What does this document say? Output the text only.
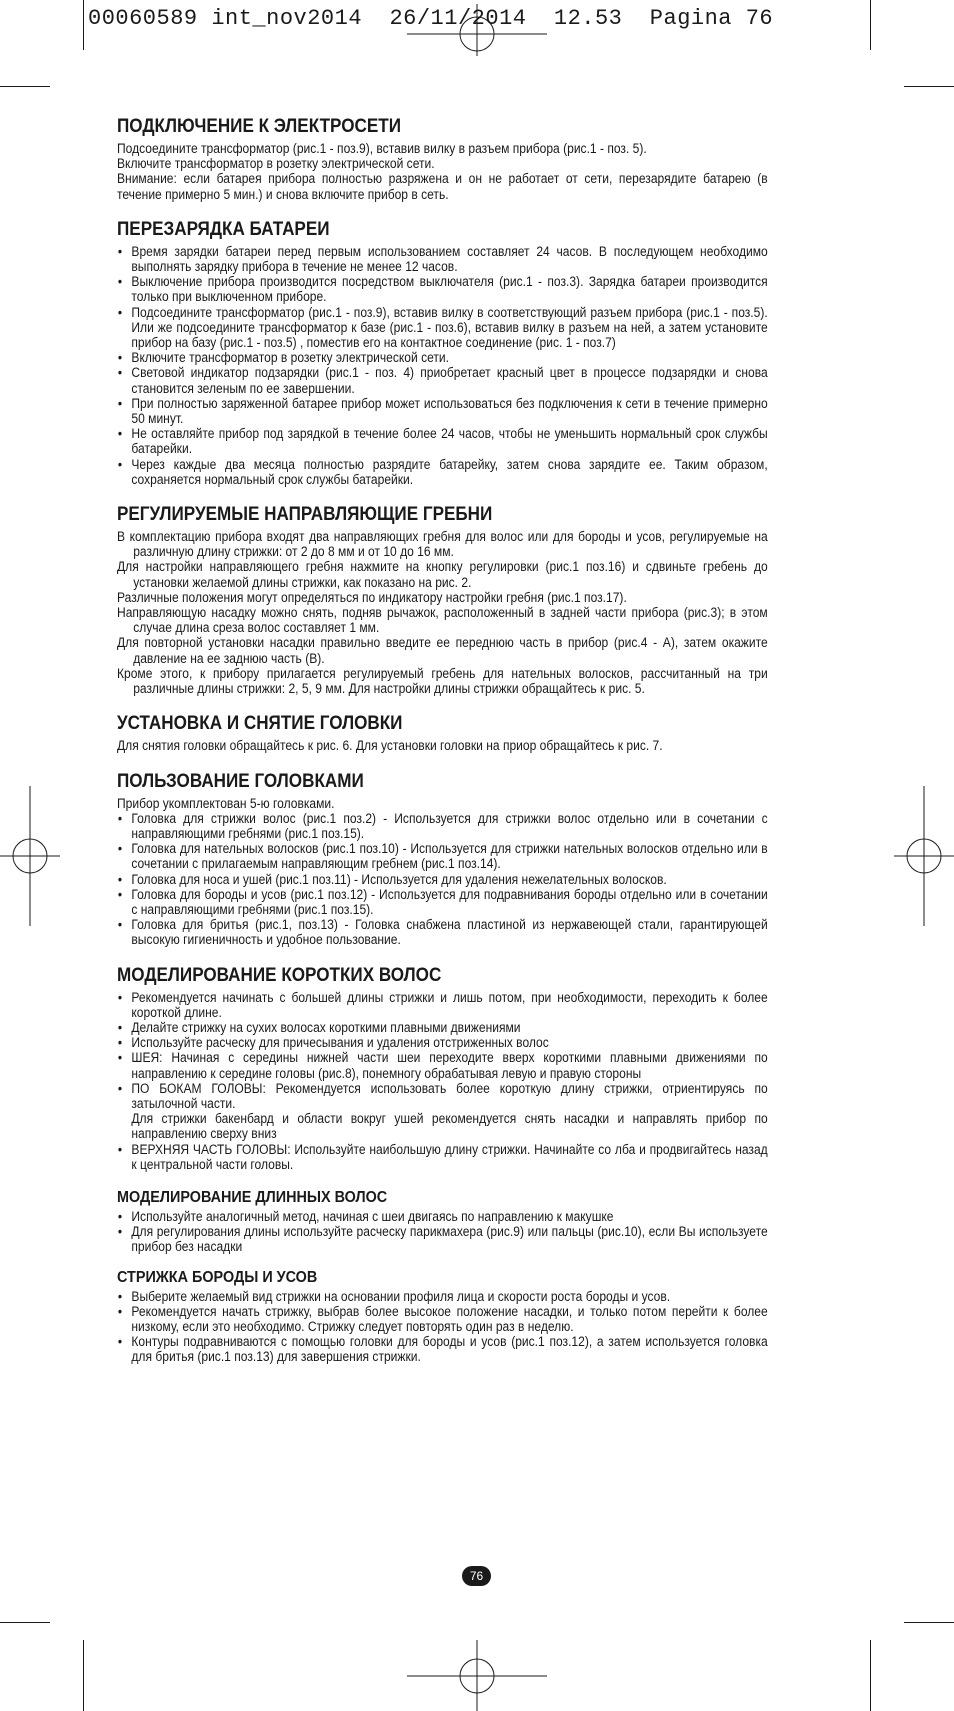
00060589 int_nov2014  26/11/2014  12.53  Pagina 76
ПОДКЛЮЧЕНИЕ К ЭЛЕКТРОСЕТИ

Подсоедините трансформатор (рис.1 - поз.9), вставив вилку в разъем прибора (рис.1 - поз. 5).

Включите трансформатор в розетку электрической сети.

Внимание: если батарея прибора полностью разряжена и он не работает от сети, перезарядите батарею (в течение примерно 5 мин.) и снова включите прибор в сеть.

ПЕРЕЗАРЯДКА БАТАРЕИ
• Время зарядки батареи перед первым использованием составляет 24 часов. В последующем необходимо выполнять зарядку прибора в течение не менее 12 часов.
• Выключение прибора производится посредством выключателя (рис.1 - поз.3). Зарядка батареи производится только при выключенном приборе.
• Подсоедините трансформатор (рис.1 - поз.9), вставив вилку в соответствующий разъем прибора (рис.1 - поз.5). Или же подсоедините трансформатор к базе (рис.1 - поз.6), вставив вилку в разъем на ней, а затем установите прибор на базу (рис.1 - поз.5) , поместив его на контактное соединение (рис. 1 - поз.7)
• Включите трансформатор в розетку электрической сети.
• Световой индикатор подзарядки (рис.1 - поз. 4) приобретает красный цвет в процессе подзарядки и снова становится зеленым по ее завершении.
• При полностью заряженной батарее прибор может использоваться без подключения к сети в течение примерно 50 минут.
• Не оставляйте прибор под зарядкой в течение более 24 часов, чтобы не уменьшить нормальный срок службы батарейки.
• Через каждые два месяца полностью разрядите батарейку, затем снова зарядите ее. Таким образом, сохраняется нормальный срок службы батарейки.
РЕГУЛИРУЕМЫЕ НАПРАВЛЯЮЩИЕ ГРЕБНИ

В комплектацию прибора входят два направляющих гребня для волос или для бороды и усов, регулируемые на различную длину стрижки: от 2 до 8 мм и от 10 до 16 мм.

Для настройки направляющего гребня нажмите на кнопку регулировки (рис.1 поз.16) и сдвиньте гребень до установки желаемой длины стрижки, как показано на рис. 2.

Различные положения могут определяться по индикатору настройки гребня (рис.1 поз.17).

Направляющую насадку можно снять, подняв рычажок, расположенный в задней части прибора (рис.3); в этом случае длина среза волос составляет 1 мм.

Для повторной установки насадки правильно введите ее переднюю часть в прибор (рис.4 - A), затем окажите давление на ее заднюю часть (B).

Кроме этого, к прибору прилагается регулируемый гребень для нательных волосков, рассчитанный на три различные длины стрижки: 2, 5, 9 мм. Для настройки длины стрижки обращайтесь к рис. 5.

УСТАНОВКА И СНЯТИЕ ГОЛОВКИ

Для снятия головки обращайтесь к рис. 6. Для установки головки на приор обращайтесь к рис. 7.

ПОЛЬЗОВАНИЕ ГОЛОВКАМИ

Прибор укомплектован 5-ю головками.

• Головка для стрижки волос (рис.1 поз.2) - Используется для стрижки волос отдельно или в сочетании с направляющими гребнями (рис.1 поз.15).
• Головка для нательных волосков (рис.1 поз.10) - Используется для стрижки нательных волосков отдельно или в сочетании с прилагаемым направляющим гребнем (рис.1 поз.14).
• Головка для носа и ушей (рис.1 поз.11) - Используется для удаления нежелательных волосков.
• Головка для бороды и усов (рис.1 поз.12) - Используется для подравнивания бороды отдельно или в сочетании с направляющими гребнями (рис.1 поз.15).
• Головка для бритья (рис.1, поз.13) - Головка снабжена пластиной из нержавеющей стали, гарантирующей высокую гигиеничность и удобное пользование.
МОДЕЛИРОВАНИЕ КОРОТКИХ ВОЛОС
• Рекомендуется начинать с большей длины стрижки и лишь потом, при необходимости, переходить к более короткой длине.
• Делайте стрижку на сухих волосах короткими плавными движениями
• Используйте расческу для причесывания и удаления отстриженных волос
• ШЕЯ: Начиная с середины нижней части шеи переходите вверх короткими плавными движениями по направлению к середине головы (рис.8), понемногу обрабатывая левую и правую стороны
• ПО БОКАМ ГОЛОВЫ: Рекомендуется использовать более короткую длину стрижки, отриентируясь по затылочной части.

Для стрижки бакенбард и области вокруг ушей рекомендуется снять насадки и направлять прибор по направлению сверху вниз

• ВЕРХНЯЯ ЧАСТЬ ГОЛОВЫ: Используйте наибольшую длину стрижки. Начинайте со лба и продвигайтесь назад к центральной части головы.
МОДЕЛИРОВАНИЕ ДЛИННЫХ ВОЛОС
• Используйте аналогичный метод, начиная с шеи двигаясь по направлению к макушке
• Для регулирования длины используйте расческу парикмахера (рис.9) или пальцы (рис.10), если Вы используете прибор без насадки
СТРИЖКА БОРОДЫ И УСОВ
• Выберите желаемый вид стрижки на основании профиля лица и скорости роста бороды и усов.
• Рекомендуется начать стрижку, выбрав более высокое положение насадки, и только потом перейти к более низкому, если это необходимо. Стрижку следует повторять один раз в неделю.
• Контуры подравниваются с помощью головки для бороды и усов (рис.1 поз.12), а затем используется головка для бритья (рис.1 поз.13) для завершения стрижки.
76
